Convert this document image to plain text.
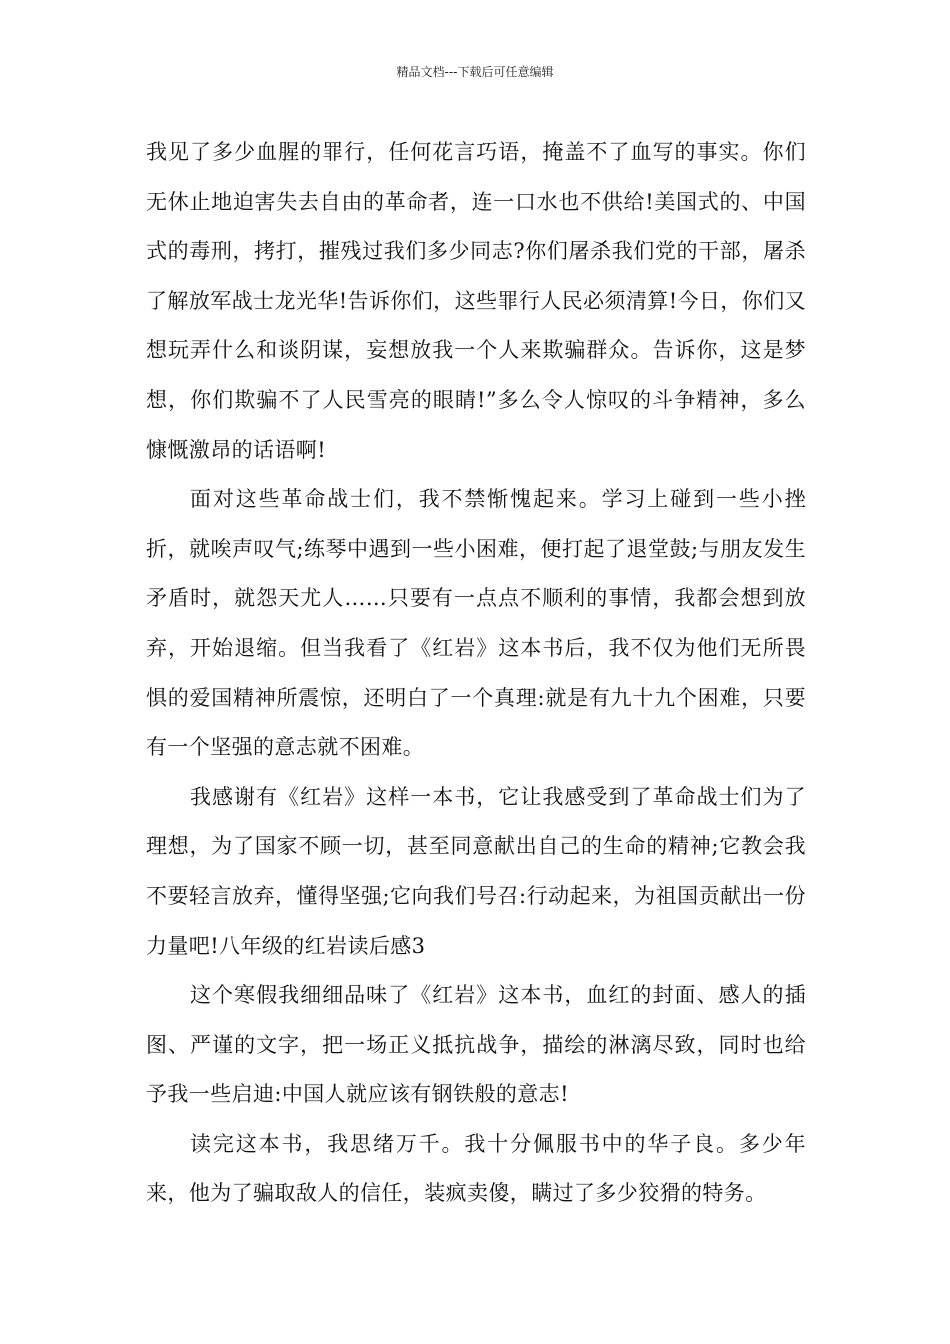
精品文档---下载后可任意编辑

我见了多少血腥的罪行，任何花言巧语，掩盖不了血写的事实。你们无休止地迫害失去自由的革命者，连一口水也不供给!美国式的、中国式的毒刑，拷打，摧残过我们多少同志?你们屠杀我们党的干部，屠杀了解放军战士龙光华!告诉你们，这些罪行人民必须清算!今日，你们又想玩弄什么和谈阴谋，妄想放我一个人来欺骗群众。告诉你，这是梦想，你们欺骗不了人民雪亮的眼睛!”多么令人惊叹的斗争精神，多么慷慨激昂的话语啊!

面对这些革命战士们，我不禁惭愧起来。学习上碰到一些小挫折，就唉声叹气;练琴中遇到一些小困难，便打起了退堂鼓;与朋友发生矛盾时，就怨天尤人……只要有一点点不顺利的事情，我都会想到放弃，开始退缩。但当我看了《红岩》这本书后，我不仅为他们无所畏惧的爱国精神所震惊，还明白了一个真理:就是有九十九个困难，只要有一个坚强的意志就不困难。

我感谢有《红岩》这样一本书，它让我感受到了革命战士们为了理想，为了国家不顾一切，甚至同意献出自己的生命的精神;它教会我不要轻言放弃，懂得坚强;它向我们号召:行动起来，为祖国贡献出一份力量吧!八年级的红岩读后感3

这个寒假我细细品味了《红岩》这本书，血红的封面、感人的插图、严谨的文字，把一场正义抵抗战争，描绘的淋漓尽致，同时也给予我一些启迪:中国人就应该有钢铁般的意志!

读完这本书，我思绪万千。我十分佩服书中的华子良。多少年来，他为了骗取敌人的信任，装疯卖傻，瞒过了多少狡猾的特务。
